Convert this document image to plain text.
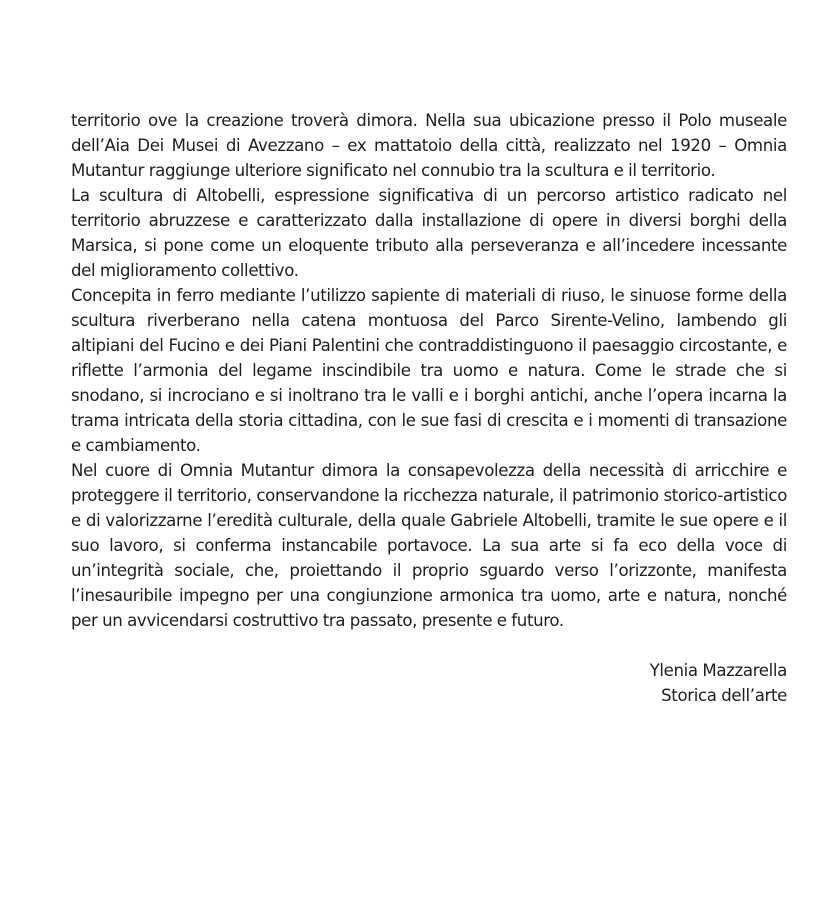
territorio ove la creazione troverà dimora. Nella sua ubicazione presso il Polo museale dell’Aia Dei Musei di Avezzano – ex mattatoio della città, realizzato nel 1920 – Omnia Mutantur raggiunge ulteriore significato nel connubio tra la scultura e il territorio.

La scultura di Altobelli, espressione significativa di un percorso artistico radicato nel territorio abruzzese e caratterizzato dalla installazione di opere in diversi borghi della Marsica, si pone come un eloquente tributo alla perseveranza e all’incedere incessante del miglioramento collettivo.

Concepita in ferro mediante l’utilizzo sapiente di materiali di riuso, le sinuose forme della scultura riverberano nella catena montuosa del Parco Sirente-Velino, lambendo gli altipiani del Fucino e dei Piani Palentini che contraddistinguono il paesaggio circostante, e riflette l’armonia del legame inscindibile tra uomo e natura. Come le strade che si snodano, si incrociano e si inoltrano tra le valli e i borghi antichi, anche l’opera incarna la trama intricata della storia cittadina, con le sue fasi di crescita e i momenti di transazione e cambiamento.

Nel cuore di Omnia Mutantur dimora la consapevolezza della necessità di arricchire e proteggere il territorio, conservandone la ricchezza naturale, il patrimonio storico-artistico e di valorizzarne l’eredità culturale, della quale Gabriele Altobelli, tramite le sue opere e il suo lavoro, si conferma instancabile portavoce. La sua arte si fa eco della voce di un’integrità sociale, che, proiettando il proprio sguardo verso l’orizzonte, manifesta l’inesauribile impegno per una congiunzione armonica tra uomo, arte e natura, nonché per un avvicendarsi costruttivo tra passato, presente e futuro.

Ylenia Mazzarella
Storica dell’arte
